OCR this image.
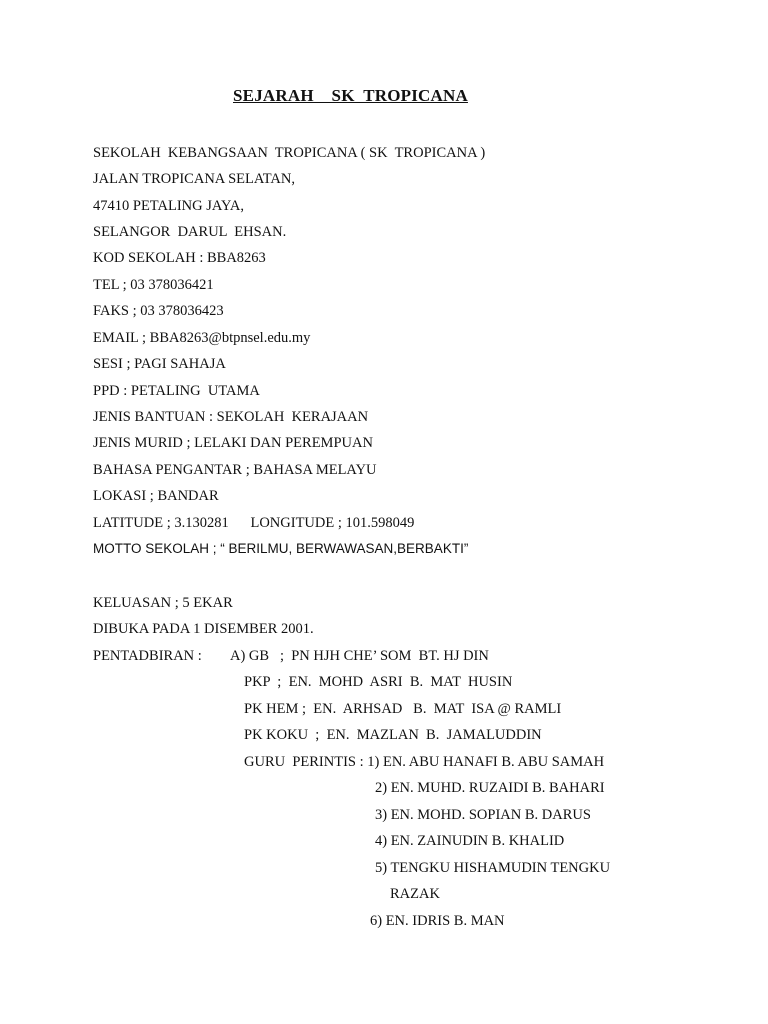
SEJARAH    SK  TROPICANA
SEKOLAH  KEBANGSAAN  TROPICANA ( SK  TROPICANA )
JALAN TROPICANA SELATAN,
47410 PETALING JAYA,
SELANGOR  DARUL  EHSAN.
KOD SEKOLAH : BBA8263
TEL ; 03 378036421
FAKS ; 03 378036423
EMAIL ; BBA8263@btpnsel.edu.my
SESI ; PAGI SAHAJA
PPD : PETALING  UTAMA
JENIS BANTUAN : SEKOLAH  KERAJAAN
JENIS MURID ; LELAKI DAN PEREMPUAN
BAHASA PENGANTAR ; BAHASA MELAYU
LOKASI ; BANDAR
LATITUDE ; 3.130281      LONGITUDE ; 101.598049
MOTTO SEKOLAH ; “ BERILMU, BERWAWASAN,BERBAKTI”
KELUASAN ; 5 EKAR
DIBUKA PADA 1 DISEMBER 2001.
PENTADBIRAN : A) GB   ;  PN HJH CHE’ SOM  BT. HJ DIN
PKP  ;  EN.  MOHD  ASRI  B.  MAT  HUSIN
PK HEM ;  EN.  ARHSAD   B.  MAT  ISA @ RAMLI
PK KOKU  ;  EN.  MAZLAN  B.  JAMALUDDIN
GURU  PERINTIS : 1) EN. ABU HANAFI B. ABU SAMAH
2) EN. MUHD. RUZAIDI B. BAHARI
3) EN. MOHD. SOPIAN B. DARUS
4) EN. ZAINUDIN B. KHALID
5) TENGKU HISHAMUDIN TENGKU
RAZAK
6) EN. IDRIS B. MAN
